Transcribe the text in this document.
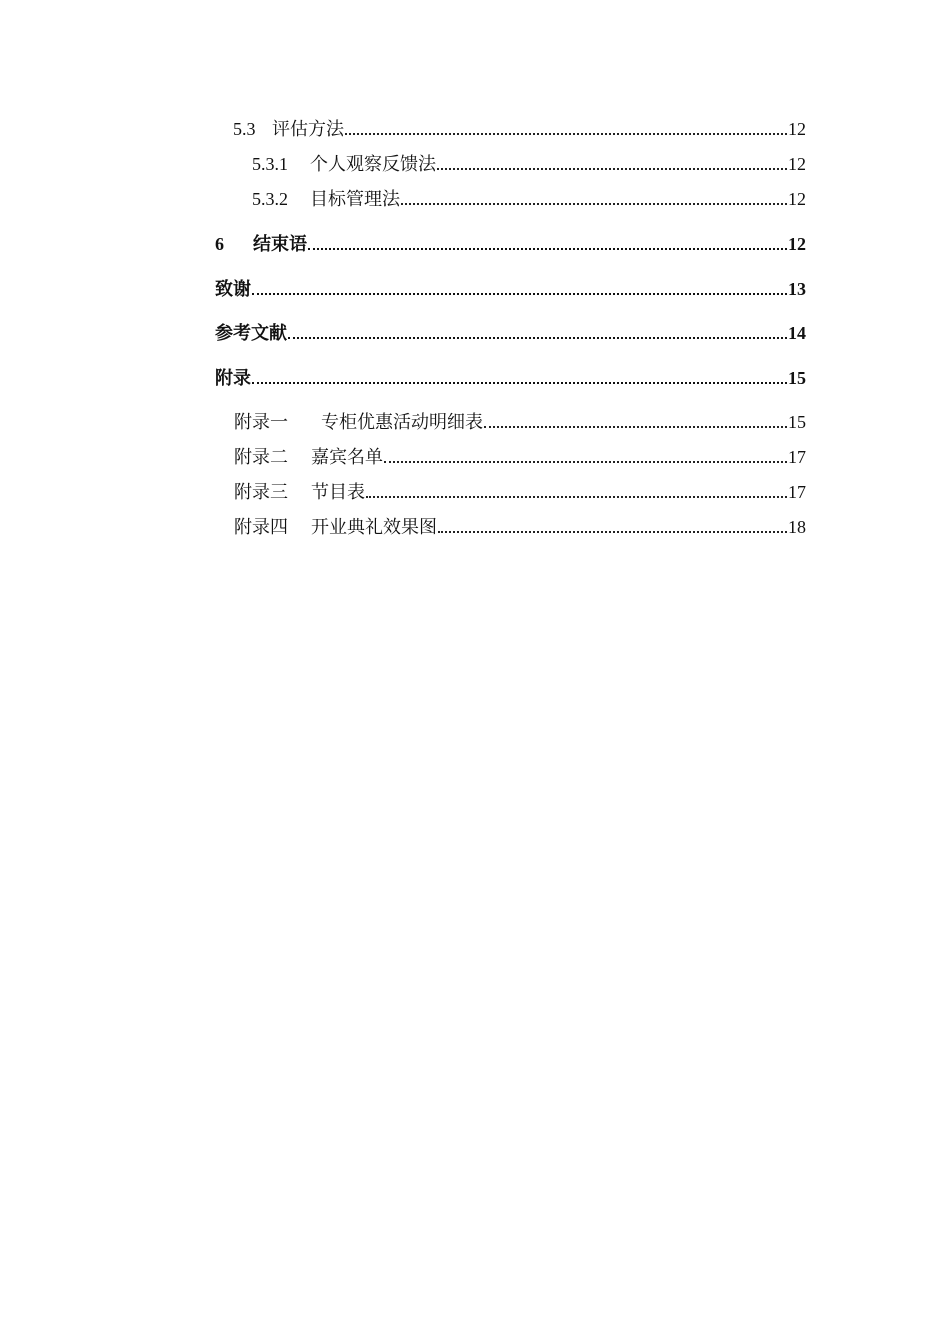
5.3 评估方法	12
5.3.1	个人观察反馈法	12
5.3.2	目标管理法	12
6	结束语	12
致谢	13
参考文献	14
附录	15
附录一	专柜优惠活动明细表	15
附录二	嘉宾名单	17
附录三	节目表	17
附录四	开业典礼效果图	18
